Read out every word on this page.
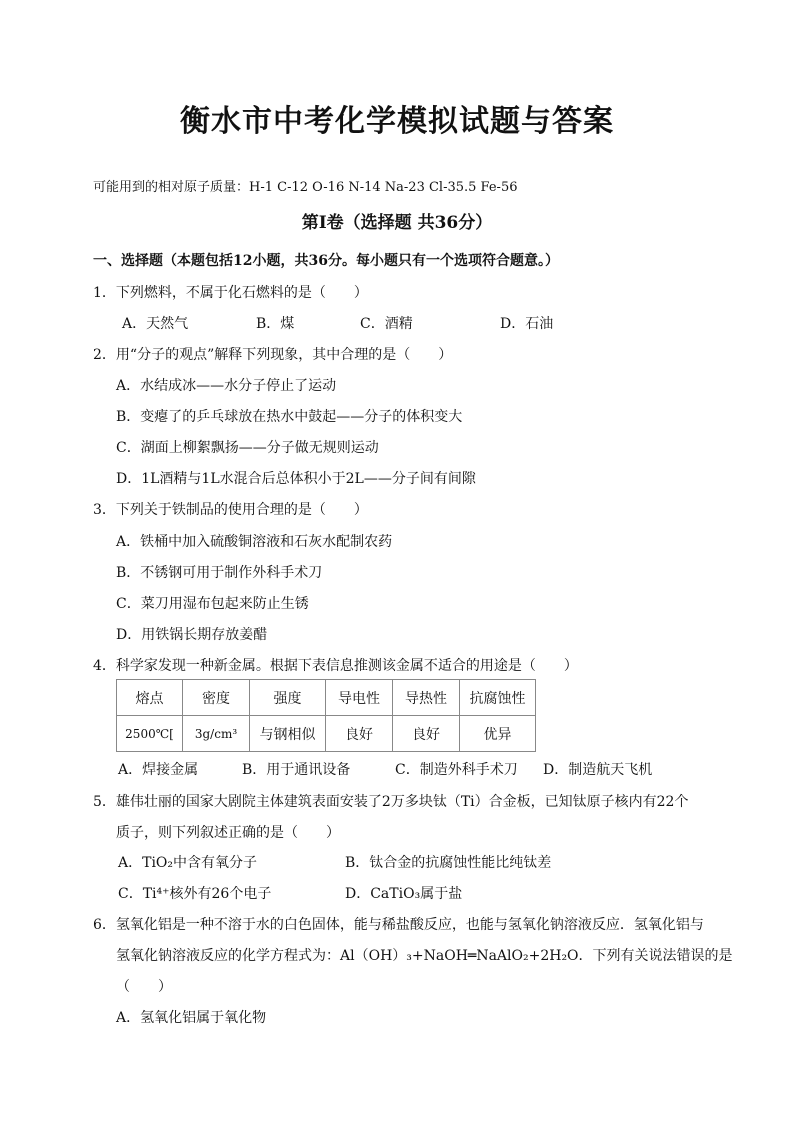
衡水市中考化学模拟试题与答案
可能用到的相对原子质量：H-1 C-12 O-16 N-14 Na-23 Cl-35.5 Fe-56
第Ⅰ卷（选择题 共36分）
一、选择题（本题包括12小题，共36分。每小题只有一个选项符合题意。）
1．下列燃料，不属于化石燃料的是（　　）
A．天然气	B．煤	C．酒精	D．石油
2．用“分子的观点”解释下列现象，其中合理的是（　　）
A．水结成冰——水分子停止了运动
B．变瘪了的乒乓球放在热水中鼓起——分子的体积变大
C．湖面上柳絮飘扬——分子做无规则运动
D．1L酒精与1L水混合后总体积小于2L——分子间有间隙
3．下列关于铁制品的使用合理的是（　　）
A．铁桶中加入硫酸铜溶液和石灰水配制农药
B．不锈钢可用于制作外科手术刀
C．菜刀用湿布包起来防止生锈
D．用铁锅长期存放姜醋
4．科学家发现一种新金属。根据下表信息推测该金属不适合的用途是（　　）
熔点	密度	强度	导电性	导热性	抗腐蚀性
2500℃[	3g/cm³	与钢相似	良好	良好	优异
A．焊接金属	B．用于通讯设备	C．制造外科手术刀 D．制造航天飞机
5．雄伟壮丽的国家大剧院主体建筑表面安装了2万多块钛（Ti）合金板，已知钛原子核内有22个
质子，则下列叙述正确的是（　　）
A．TiO₂中含有氧分子	B．钛合金的抗腐蚀性能比纯钛差
C．Ti⁴⁺核外有26个电子	D．CaTiO₃属于盐
6．氢氧化铝是一种不溶于水的白色固体，能与稀盐酸反应，也能与氢氧化钠溶液反应．氢氧化铝与
氢氧化钠溶液反应的化学方程式为：Al（OH）₃+NaOH═NaAlO₂+2H₂O．下列有关说法错误的是
（　　）
A．氢氧化铝属于氧化物
